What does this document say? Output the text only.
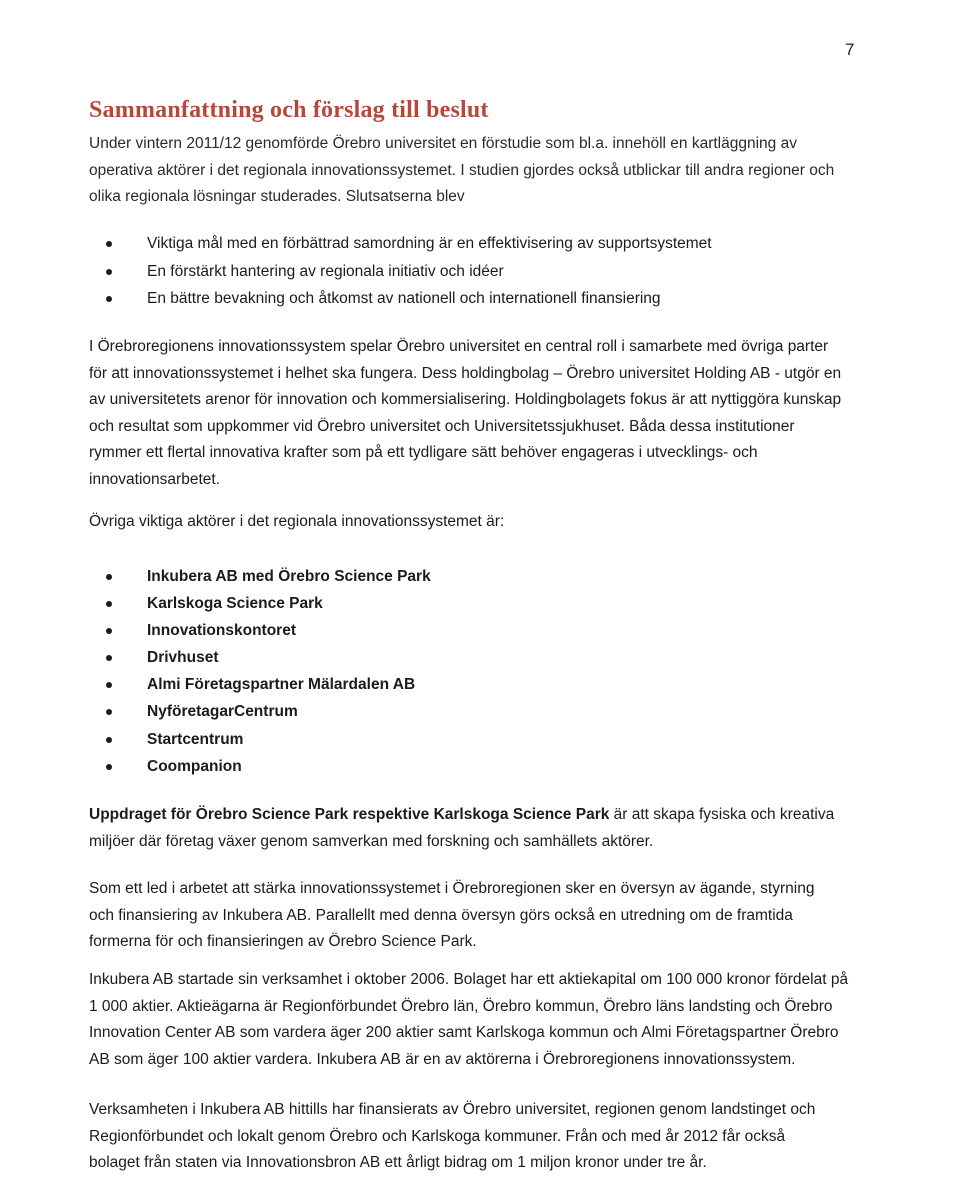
7
Sammanfattning och förslag till beslut

Under vintern 2011/12 genomförde Örebro universitet en förstudie som bl.a. innehöll en kartläggning av operativa aktörer i det regionala innovationssystemet. I studien gjordes också utblickar till andra regioner och olika regionala lösningar studerades. Slutsatserna blev

Viktiga mål med en förbättrad samordning är en effektivisering av supportsystemet
En förstärkt hantering av regionala initiativ och idéer
En bättre bevakning och åtkomst av nationell och internationell finansiering

I Örebroregionens innovationssystem spelar Örebro universitet en central roll i samarbete med övriga parter för att innovationssystemet i helhet ska fungera. Dess holdingbolag – Örebro universitet Holding AB - utgör en av universitetets arenor för innovation och kommersialisering. Holdingbolagets fokus är att nyttiggöra kunskap och resultat som uppkommer vid Örebro universitet och Universitetssjukhuset. Båda dessa institutioner rymmer ett flertal innovativa krafter som på ett tydligare sätt behöver engageras i utvecklings- och innovationsarbetet.

Övriga viktiga aktörer i det regionala innovationssystemet är:

Inkubera AB med Örebro Science Park
Karlskoga Science Park
Innovationskontoret
Drivhuset
Almi Företagspartner Mälardalen AB
NyföretagarCentrum
Startcentrum
Coompanion

Uppdraget för Örebro Science Park respektive Karlskoga Science Park är att skapa fysiska och kreativa miljöer där företag växer genom samverkan med forskning och samhällets aktörer.

Som ett led i arbetet att stärka innovationssystemet i Örebroregionen sker en översyn av ägande, styrning och finansiering av Inkubera AB. Parallellt med denna översyn görs också en utredning om de framtida formerna för och finansieringen av Örebro Science Park.

Inkubera AB startade sin verksamhet i oktober 2006. Bolaget har ett aktiekapital om 100 000 kronor fördelat på 1 000 aktier. Aktieägarna är Regionförbundet Örebro län, Örebro kommun, Örebro läns landsting och Örebro Innovation Center AB som vardera äger 200 aktier samt Karlskoga kommun och Almi Företagspartner Örebro AB som äger 100 aktier vardera. Inkubera AB är en av aktörerna i Örebroregionens innovationssystem.

Verksamheten i Inkubera AB hittills har finansierats av Örebro universitet, regionen genom landstinget och Regionförbundet och lokalt genom Örebro och Karlskoga kommuner. Från och med år 2012 får också bolaget från staten via Innovationsbron AB ett årligt bidrag om 1 miljon kronor under tre år.
